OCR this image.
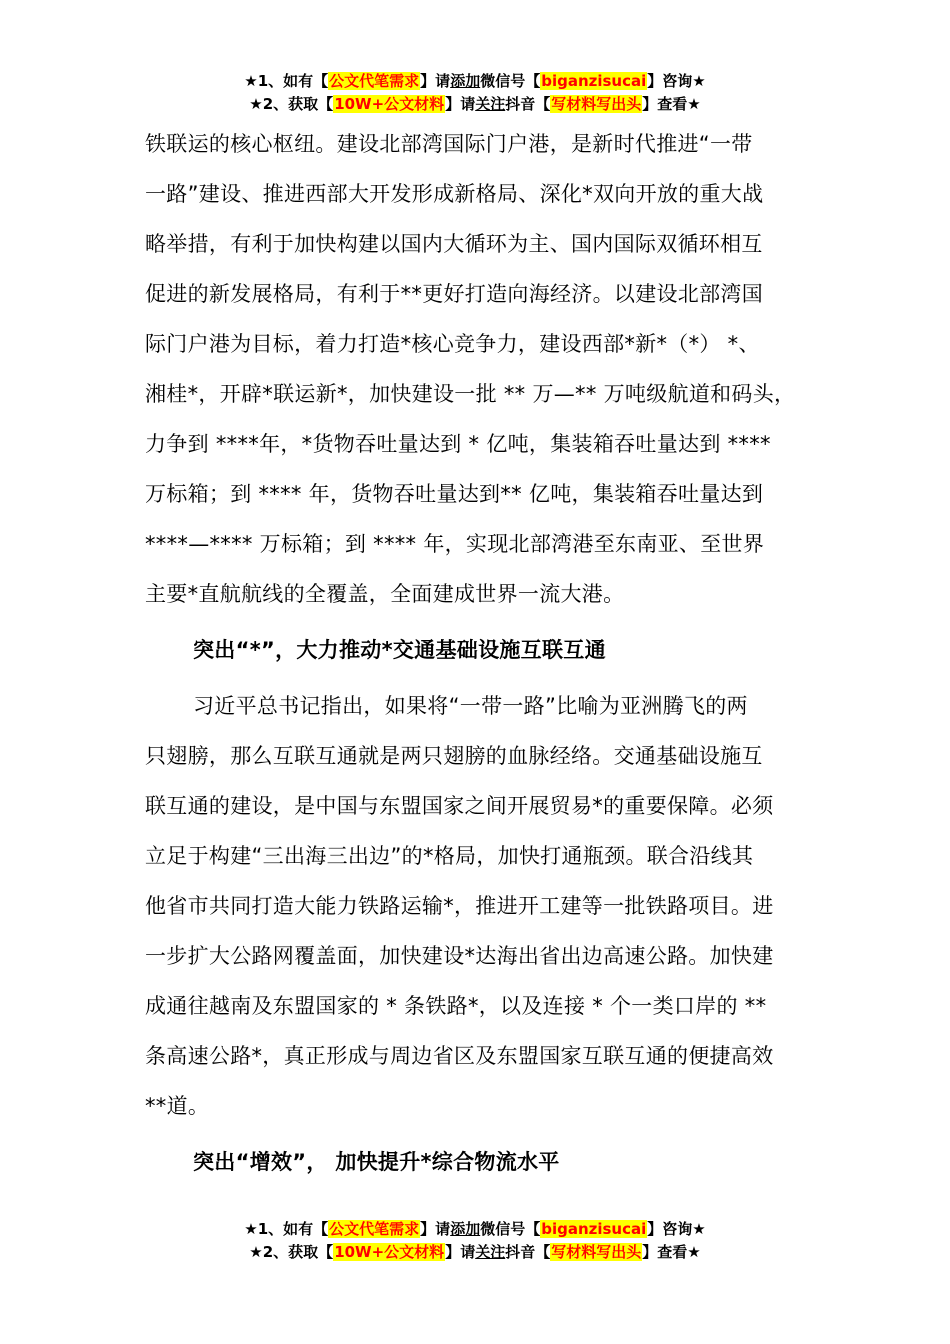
★1、如有【公文代笔需求】请添加微信号【biganzisucai】咨询★
★2、获取【10W+公文材料】请关注抖音【写材料写出头】查看★
铁联运的核心枢纽。建设北部湾国际门户港，是新时代推进“一带
一路”建设、推进西部大开发形成新格局、深化*双向开放的重大战
略举措，有利于加快构建以国内大循环为主、国内国际双循环相互
促进的新发展格局，有利于**更好打造向海经济。以建设北部湾国
际门户港为目标，着力打造*核心竞争力，建设西部*新*（*） *、
湘桂*，开辟*联运新*，加快建设一批 ** 万—** 万吨级航道和码头，
力争到 ****年，*货物吞吐量达到 * 亿吨，集装箱吞吐量达到 ****
万标箱；到 **** 年，货物吞吐量达到** 亿吨，集装箱吞吐量达到
****—**** 万标箱；到 **** 年，实现北部湾港至东南亚、至世界
主要*直航航线的全覆盖，全面建成世界一流大港。
突出“*”，大力推动*交通基础设施互联互通
习近平总书记指出，如果将“一带一路”比喻为亚洲腾飞的两
只翅膀，那么互联互通就是两只翅膀的血脉经络。交通基础设施互
联互通的建设，是中国与东盟国家之间开展贸易*的重要保障。必须
立足于构建“三出海三出边”的*格局，加快打通瓶颈。联合沿线其
他省市共同打造大能力铁路运输*，推进开工建等一批铁路项目。进
一步扩大公路网覆盖面，加快建设*达海出省出边高速公路。加快建
成通往越南及东盟国家的 * 条铁路*，以及连接 * 个一类口岸的 **
条高速公路*，真正形成与周边省区及东盟国家互联互通的便捷高效
**道。
突出“增效”， 加快提升*综合物流水平
★1、如有【公文代笔需求】请添加微信号【biganzisucai】咨询★
★2、获取【10W+公文材料】请关注抖音【写材料写出头】查看★
